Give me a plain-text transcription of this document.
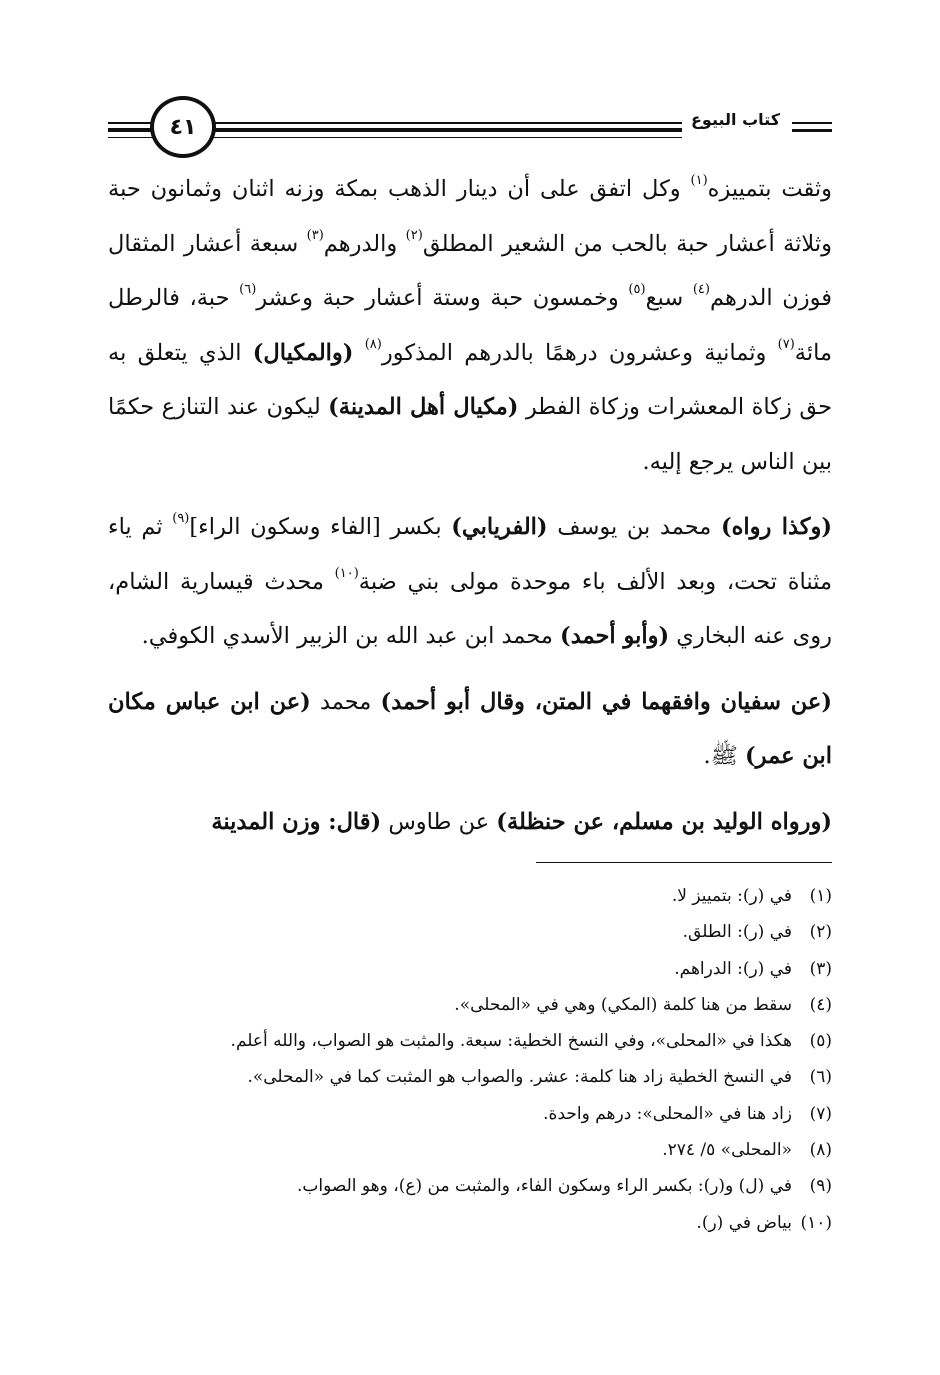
٤١	كتاب البيوع

وثقت بتمييزه$^{(١)}$ وكل اتفق على أن دينار الذهب بمكة وزنه اثنان وثمانون حبة وثلاثة أعشار حبة بالحب من الشعير المطلق$^{(٢)}$ والدرهم$^{(٣)}$ سبعة أعشار المثقال فوزن الدرهم$^{(٤)}$ سبع$^{(٥)}$ وخمسون حبة وستة أعشار حبة وعشر$^{(٦)}$ حبة، فالرطل مائة$^{(٧)}$ وثمانية وعشرون درهمًا بالدرهم المذكور$^{(٨)}$ (والمكيال) الذي يتعلق به حق زكاة المعشرات وزكاة الفطر (مكيال أهل المدينة) ليكون عند التنازع حكمًا بين الناس يرجع إليه.

(وكذا رواه) محمد بن يوسف (الفريابي) بكسر [الفاء وسكون الراء]$^{(٩)}$ ثم ياء مثناة تحت، وبعد الألف باء موحدة مولى بني ضبة$^{(١٠)}$ محدث قيسارية الشام، روى عنه البخاري (وأبو أحمد) محمد ابن عبد الله بن الزبير الأسدي الكوفي.

(عن سفيان وافقهما في المتن، وقال أبو أحمد) محمد (عن ابن عباس مكان ابن عمر) ﷺ.

(ورواه الوليد بن مسلم، عن حنظلة) عن طاوس (قال: وزن المدينة

(١)في (ر): بتمييز لا.
(٢)في (ر): الطلق.
(٣)في (ر): الدراهم.
(٤)سقط من هنا كلمة (المكي) وهي في «المحلى».
(٥)هكذا في «المحلى»، وفي النسخ الخطية: سبعة. والمثبت هو الصواب، والله أعلم.
(٦)في النسخ الخطية زاد هنا كلمة: عشر. والصواب هو المثبت كما في «المحلى».
(٧)زاد هنا في «المحلى»: درهم واحدة.
(٨)«المحلى» ٥/ ٢٧٤.
(٩)في (ل) و(ر): بكسر الراء وسكون الفاء، والمثبت من (ع)، وهو الصواب.
(١٠)بياض في (ر).
